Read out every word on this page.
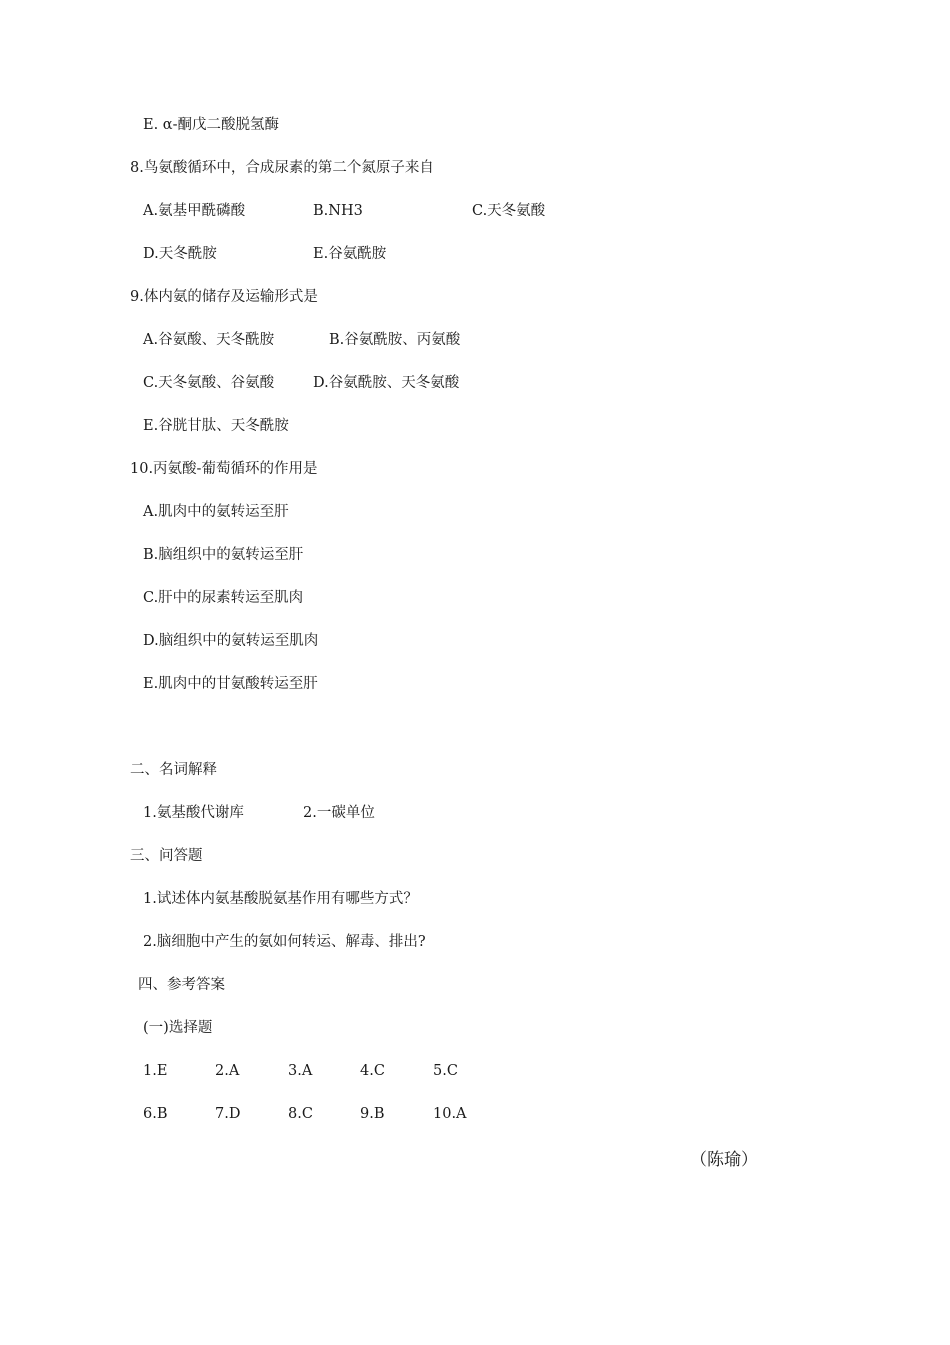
E. α-酮戊二酸脱氢酶
8.鸟氨酸循环中，合成尿素的第二个氮原子来自
A.氨基甲酰磷酸	B.NH3	C.天冬氨酸
D.天冬酰胺	E.谷氨酰胺
9.体内氨的储存及运输形式是
A.谷氨酸、天冬酰胺	B.谷氨酰胺、丙氨酸
C.天冬氨酸、谷氨酸	D.谷氨酰胺、天冬氨酸
E.谷胱甘肽、天冬酰胺
10.丙氨酸-葡萄循环的作用是
A.肌肉中的氨转运至肝
B.脑组织中的氨转运至肝
C.肝中的尿素转运至肌肉
D.脑组织中的氨转运至肌肉
E.肌肉中的甘氨酸转运至肝
二、名词解释
1.氨基酸代谢库	2.一碳单位
三、问答题
1.试述体内氨基酸脱氨基作用有哪些方式？
2.脑细胞中产生的氨如何转运、解毒、排出?
四、参考答案
(一)选择题
1.E	2.A	3.A	4.C	5.C
6.B	7.D	8.C	9.B	10.A
（陈瑜）
